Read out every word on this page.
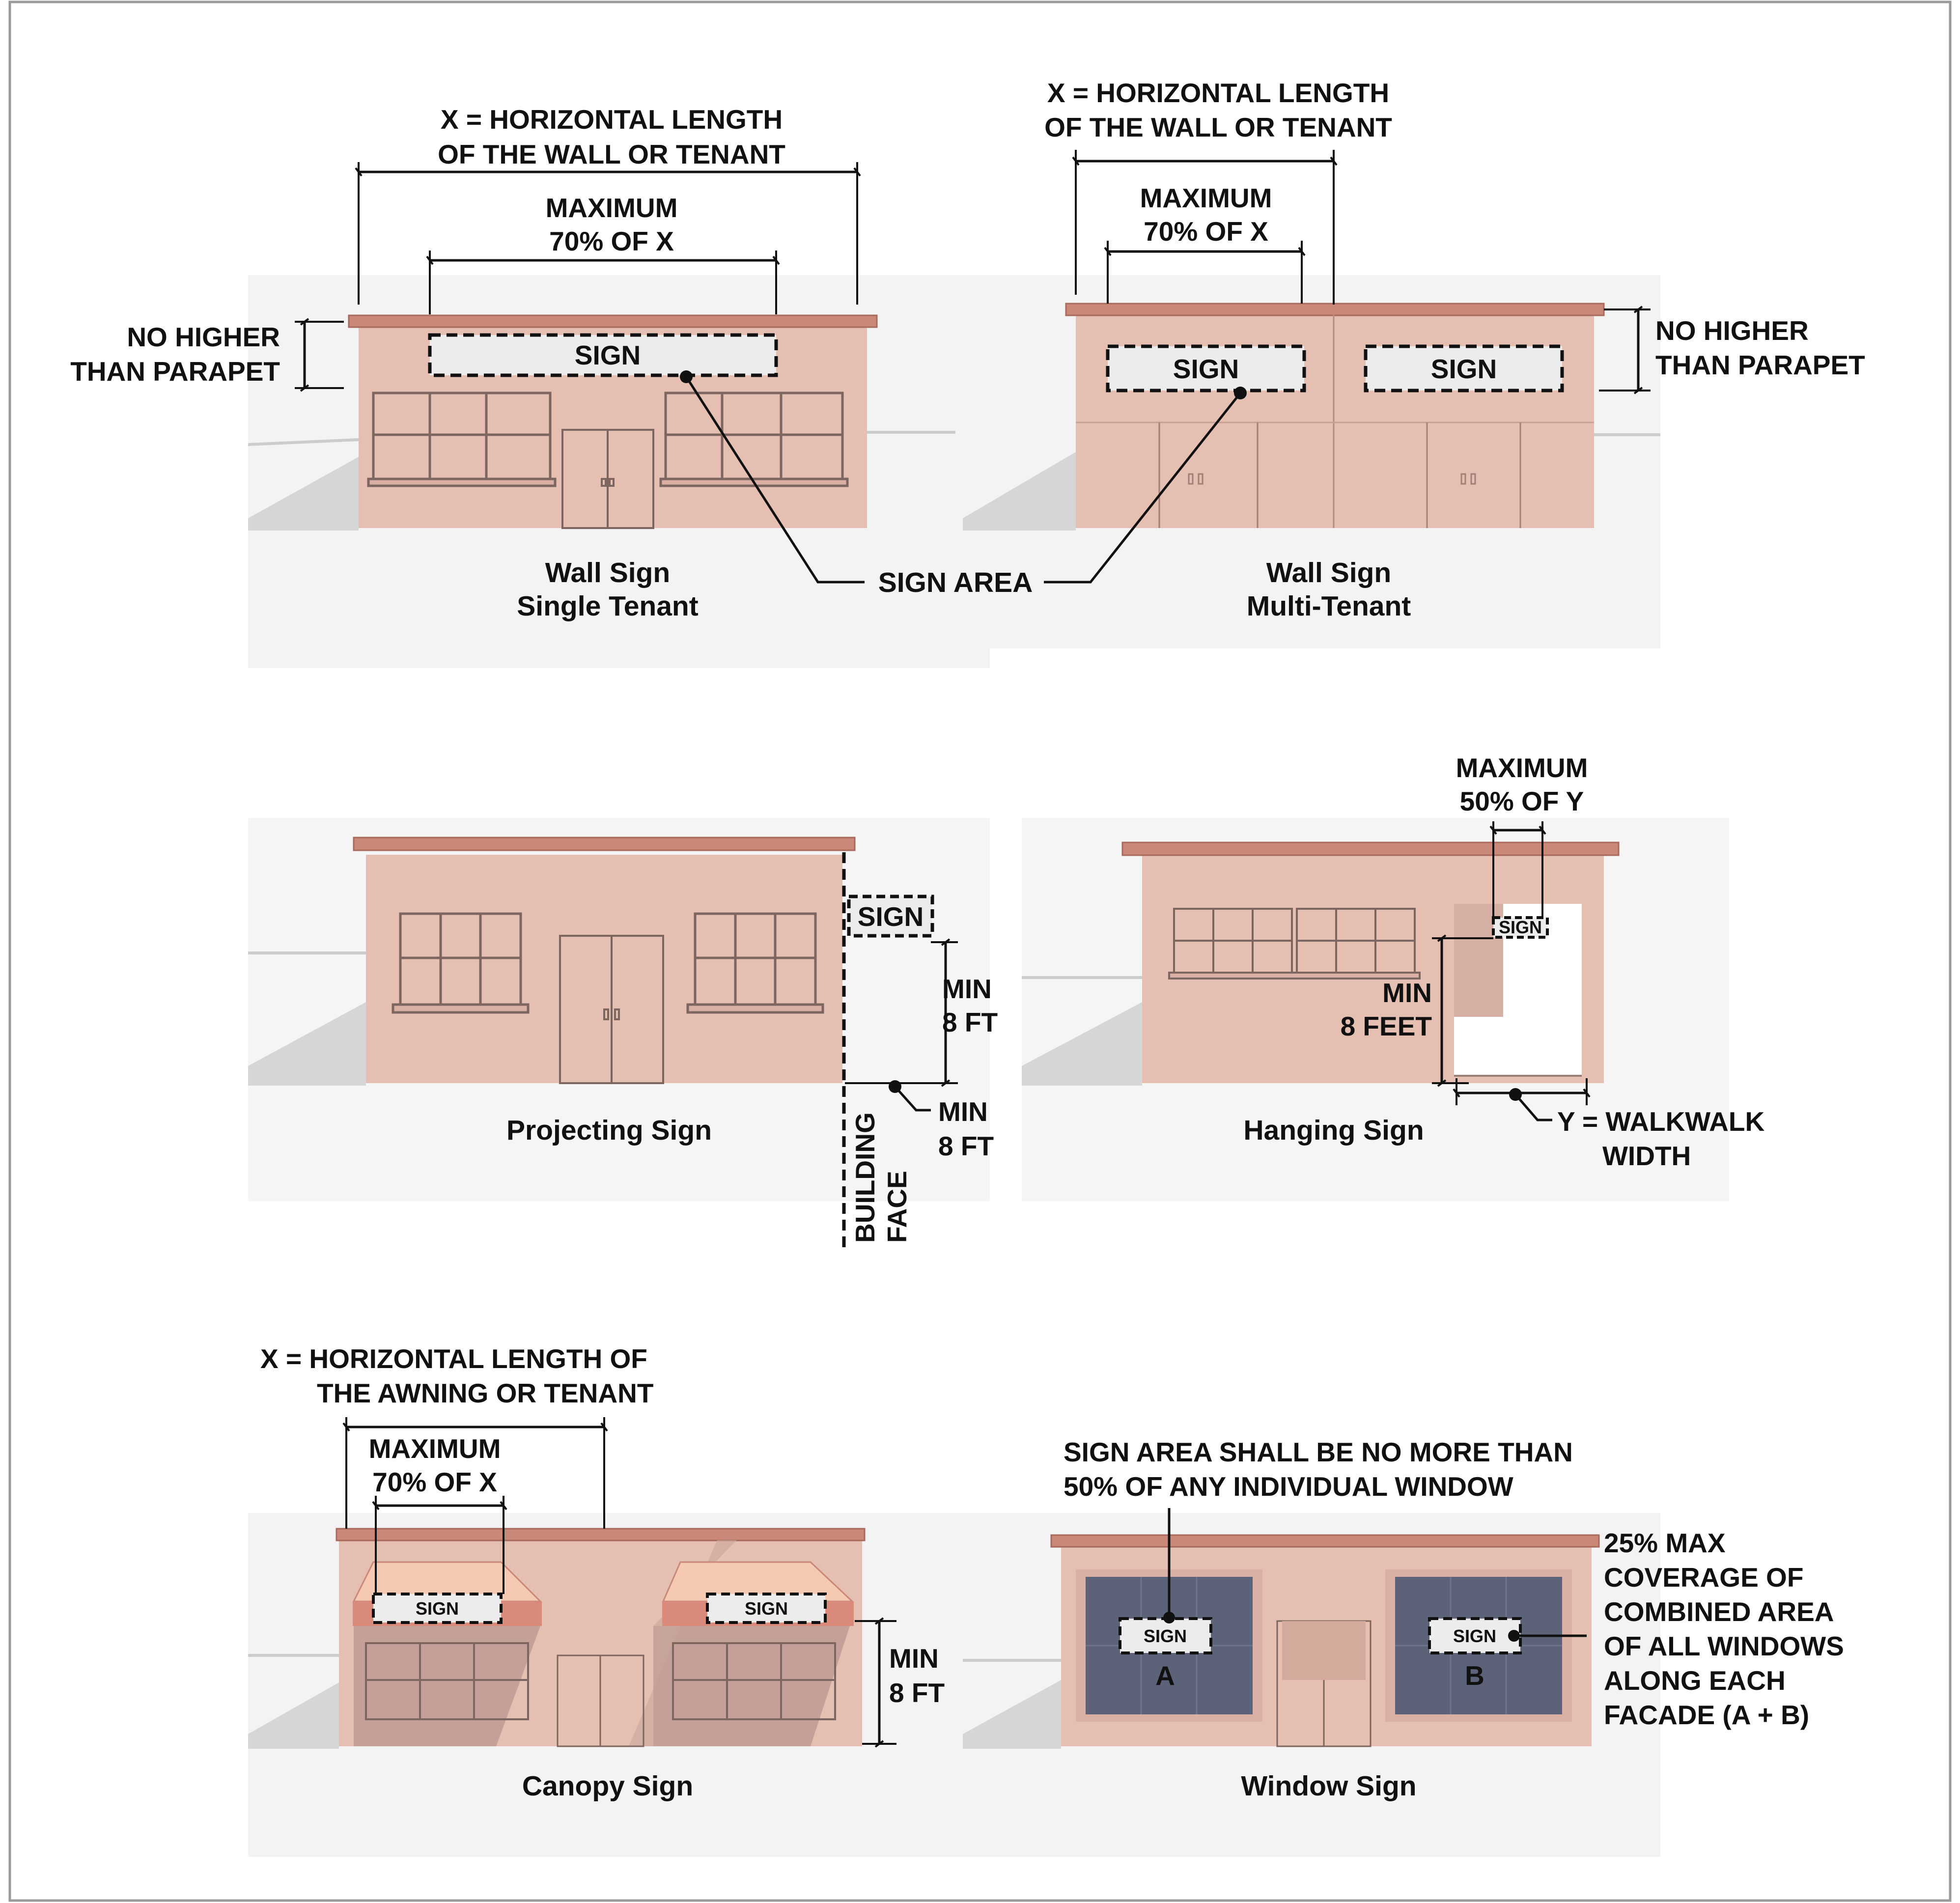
SIGN
X = HORIZONTAL LENGTH
OF THE WALL OR TENANT
MAXIMUM
70% OF X
NO HIGHER
THAN PARAPET
Wall Sign
Single Tenant
SIGN	SIGN
X = HORIZONTAL LENGTH
OF THE WALL OR TENANT
MAXIMUM
70% OF X
NO HIGHER
THAN PARAPET
Wall Sign
Multi-Tenant
SIGN AREA
SIGN
MIN
8 FT
MIN
8 FT
BUILDING FACE
Projecting Sign
SIGN
MAXIMUM
50% OF Y
MIN
8 FEET
Y = WALKWALK
WIDTH
Hanging Sign
SIGN	SIGN
X = HORIZONTAL LENGTH OF
THE AWNING OR TENANT
MAXIMUM
70% OF X
MIN
8 FT
Canopy Sign
SIGN
A
SIGN
B
SIGN AREA SHALL BE NO MORE THAN
50% OF ANY INDIVIDUAL WINDOW
25% MAX
COVERAGE OF
COMBINED AREA
OF ALL WINDOWS
ALONG EACH
FACADE (A + B)
Window Sign
